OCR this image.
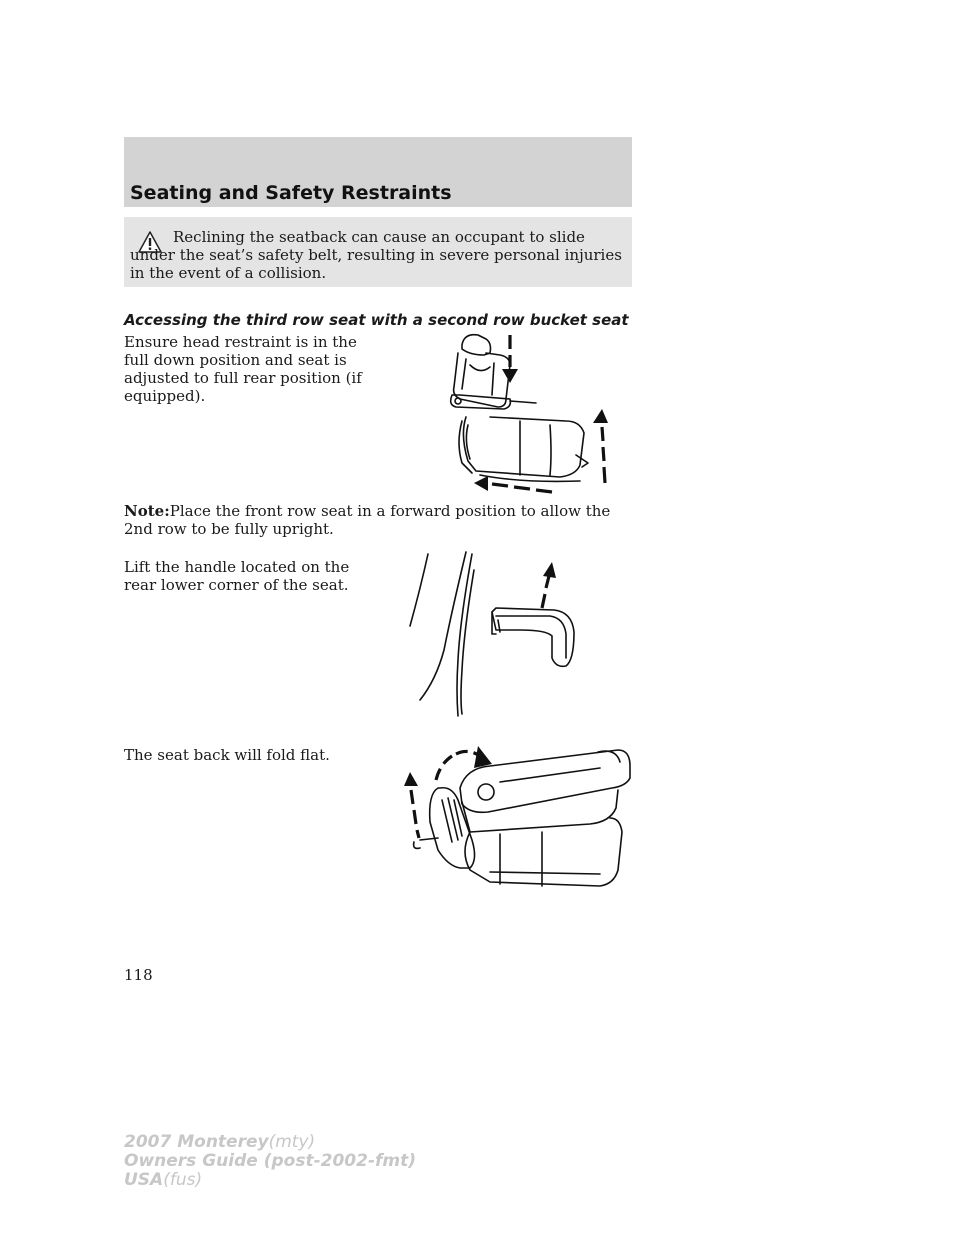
Seating and Safety Restraints
Reclining the seatback can cause an occupant to slide under the seat’s safety belt, resulting in severe personal injuries in the event of a collision.
Accessing the third row seat with a second row bucket seat
Ensure head restraint is in the full down position and seat is adjusted to full rear position (if equipped).
Note:Place the front row seat in a forward position to allow the 2nd row to be fully upright.
Lift the handle located on the rear lower corner of the seat.
The seat back will fold flat.
118
2007 Monterey(mty)
Owners Guide (post-2002-fmt)
USA(fus)
